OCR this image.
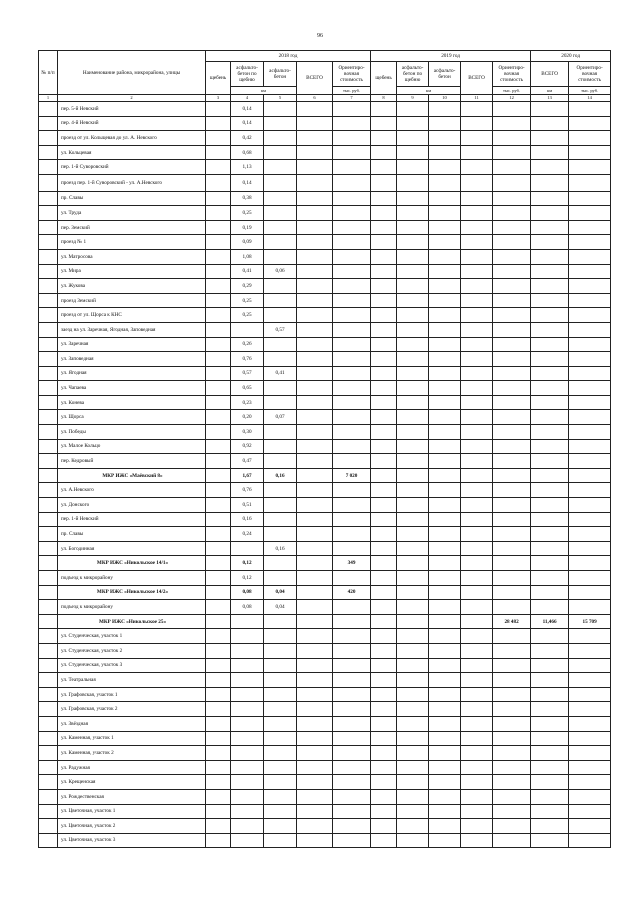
96
№ п/п	Наименование района, микрорайона, улицы	2018 год					2019 год					2020 год	
		щебень	асфальто-бетон по щебню	асфальто-бетон	ВСЕГО	Ориентиро-вочная стоимость	щебень	асфальто-бетон по щебню	асфальто-бетон	ВСЕГО	Ориентиро-вочная стоимость	ВСЕГО	Ориентиро-вочная стоимость
			км			тыс. руб.		км			тыс. руб.	км	тыс. руб.
1	2	3	4	5	6	7	8	9	10	11	12	13	14
	пер. 5-й Невский		0,14										
	пер. 4-й Невский		0,14										
	проезд от ул. Колыцевая до ул. А. Невского		0,42										
	ул. Кольцевая		0,68										
	пер. 1-й Суворовский		1,13										
	проезд пер. 1-й Суворовский - ул. А.Невского		0,14										
	пр. Славы		0,38										
	ул. Труда		0,25										
	пер. Земский		0,19										
	проезд № 1		0,09										
	ул. Матросова		1,08										
	ул. Мира		0,41	0,06									
	ул. Жукова		0,29										
	проезд Земский		0,25										
	проезд от ул. Щорса к КНС		0,25										
	заезд на ул. Заречная, Ягодная, Заповедная			0,57									
	ул. Заречная		0,26										
	ул. Заповедная		0,76										
	ул. Ягодная		0,57	0,41									
	ул. Чапаева		0,65										
	ул. Конева		0,23										
	ул. Щорса		0,20	0,07									
	ул. Победы		0,30										
	ул. Малое Кольцо		0,92										
	пер. Кедровый		0,47										
	МКР ИЖС «Маёвский 8»		1,67	0,16		7 020							
	ул. А.Невского		0,76										
	ул. Донского		0,51										
	пер. 1-й Невский		0,16										
	пр. Славы		0,24										
	ул. Богодинная			0,16									
	МКР ИЖС «Никольское 14/1»		0,12			349							
	подъезд к микрорайону		0,12										
	МКР ИЖС «Никольское 14/2»		0,08	0,04		420							
	подъезд к микрорайону		0,08	0,04									
	МКР ИЖС «Никольское 25»										28 482	11,466	15 709
	ул. Студенческая, участок 1												
	ул. Студенческая, участок 2												
	ул. Студенческая, участок 3												
	ул. Театральная												
	ул. Графовская, участок 1												
	ул. Графовская, участок 2												
	ул. Звёздная												
	ул. Каменная, участок 1												
	ул. Каменная, участок 2												
	ул. Радужная												
	ул. Крещенская												
	ул. Рождественская												
	ул. Цветочная, участок 1												
	ул. Цветочная, участок 2												
	ул. Цветочная, участок 3												
